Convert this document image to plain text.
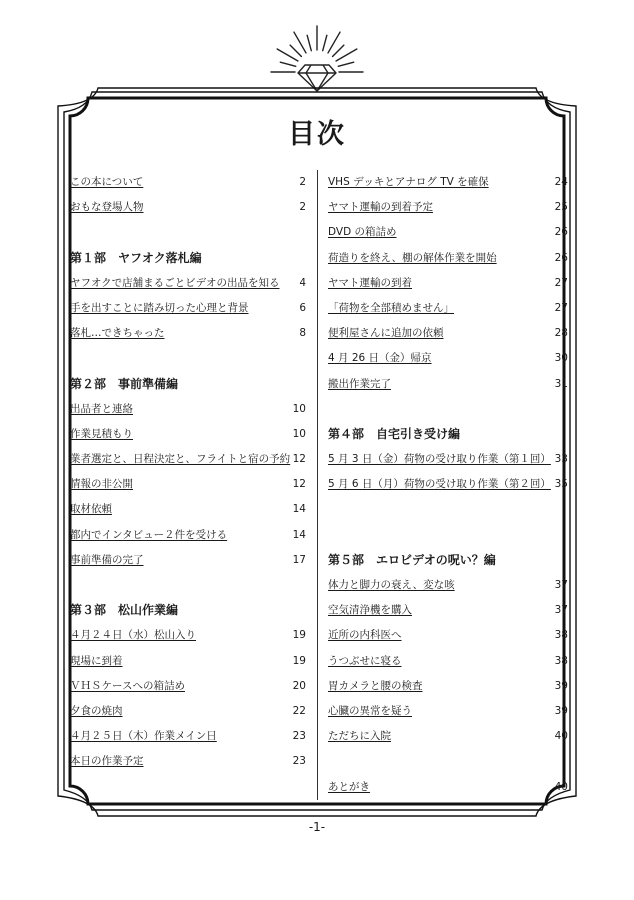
目次
この本について	2
おもな登場人物	2
第１部　ヤフオク落札編
ヤフオクで店舗まるごとビデオの出品を知る 4
手を出すことに踏み切った心理と背景	6
落札…できちゃった	8
第２部　事前準備編
出品者と連絡	10
作業見積もり	10
業者選定と、日程決定と、フライトと宿の予約 12
情報の非公開	12
取材依頼	14
都内でインタビュー２件を受ける	14
事前準備の完了	17
第３部　松山作業編
４月２４日（水）松山入り	19
現場に到着	19
ＶＨＳケースへの箱詰め	20
夕食の焼肉	22
４月２５日（木）作業メイン日	23
本日の作業予定	23
VHS デッキとアナログ TV を確保	24
ヤマト運輸の到着予定	25
DVD の箱詰め	26
荷造りを終え、棚の解体作業を開始	26
ヤマト運輸の到着	27
「荷物を全部積めません」	27
便利屋さんに追加の依頼	28
4 月 26 日（金）帰京	30
搬出作業完了	31
第４部　自宅引き受け編
5 月 3 日（金）荷物の受け取り作業（第１回） 33
5 月 6 日（月）荷物の受け取り作業（第２回） 35
第５部　エロビデオの呪い？編
体力と脚力の衰え、変な咳	37
空気清浄機を購入	37
近所の内科医へ	38
うつぶせに寝る	38
胃カメラと腰の検査	39
心臓の異常を疑う	39
ただちに入院	40
あとがき	40
-1-
